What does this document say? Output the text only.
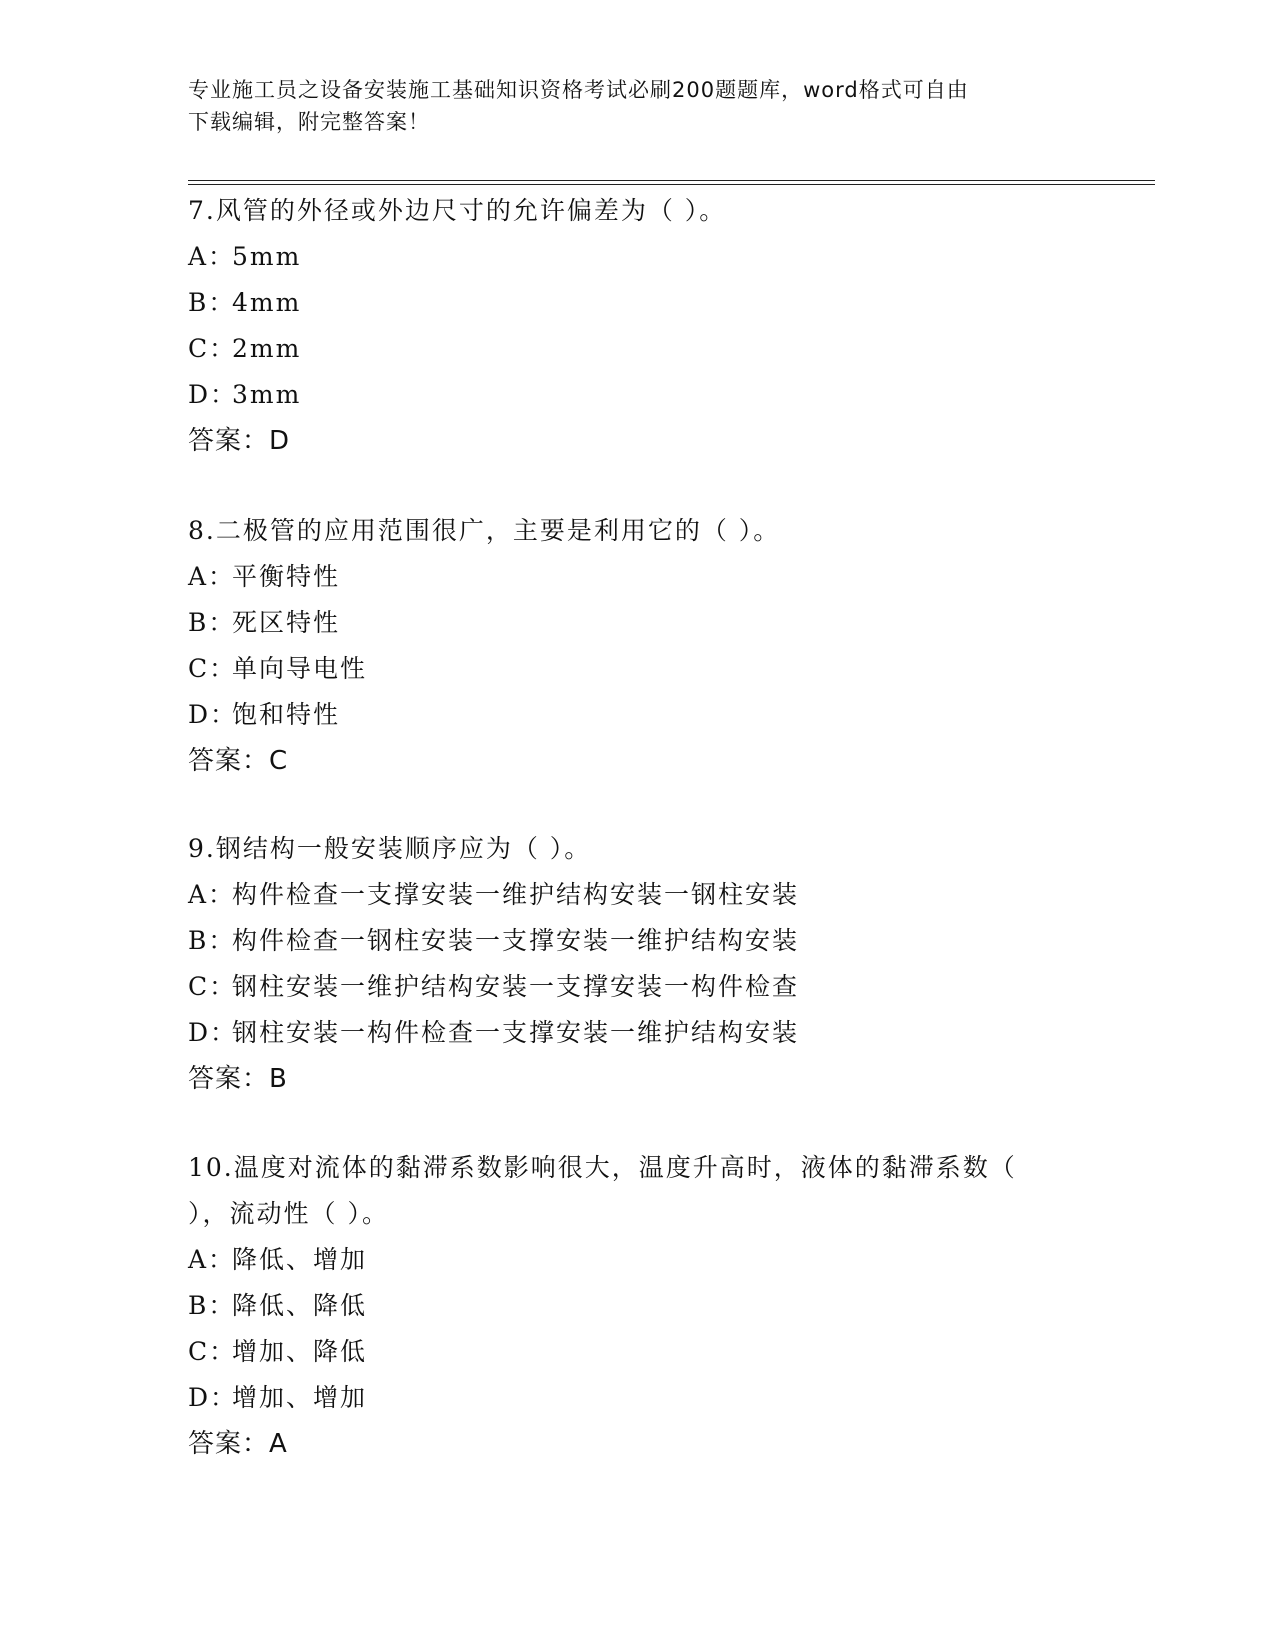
专业施工员之设备安装施工基础知识资格考试必刷200题题库，word格式可自由
下载编辑，附完整答案！
7.风管的外径或外边尺寸的允许偏差为（ ）。
A：
5mm
B：
4mm
C：
2mm
D：
3mm
答案：D
8.二极管的应用范围很广，主要是利用它的（ ）。
A：
平衡特性
B：
死区特性
C：
单向导电性
D：
饱和特性
答案：C
9.钢结构一般安装顺序应为（ ）。
A：
构件检查一支撑安装一维护结构安装一钢柱安装
B：
构件检查一钢柱安装一支撑安装一维护结构安装
C：
钢柱安装一维护结构安装一支撑安装一构件检查
D：
钢柱安装一构件检查一支撑安装一维护结构安装
答案：B
10.温度对流体的黏滞系数影响很大，温度升高时，液体的黏滞系数（
），流动性（ ）。
A：
降低、增加
B：
降低、降低
C：
增加、降低
D：
增加、增加
答案：A
